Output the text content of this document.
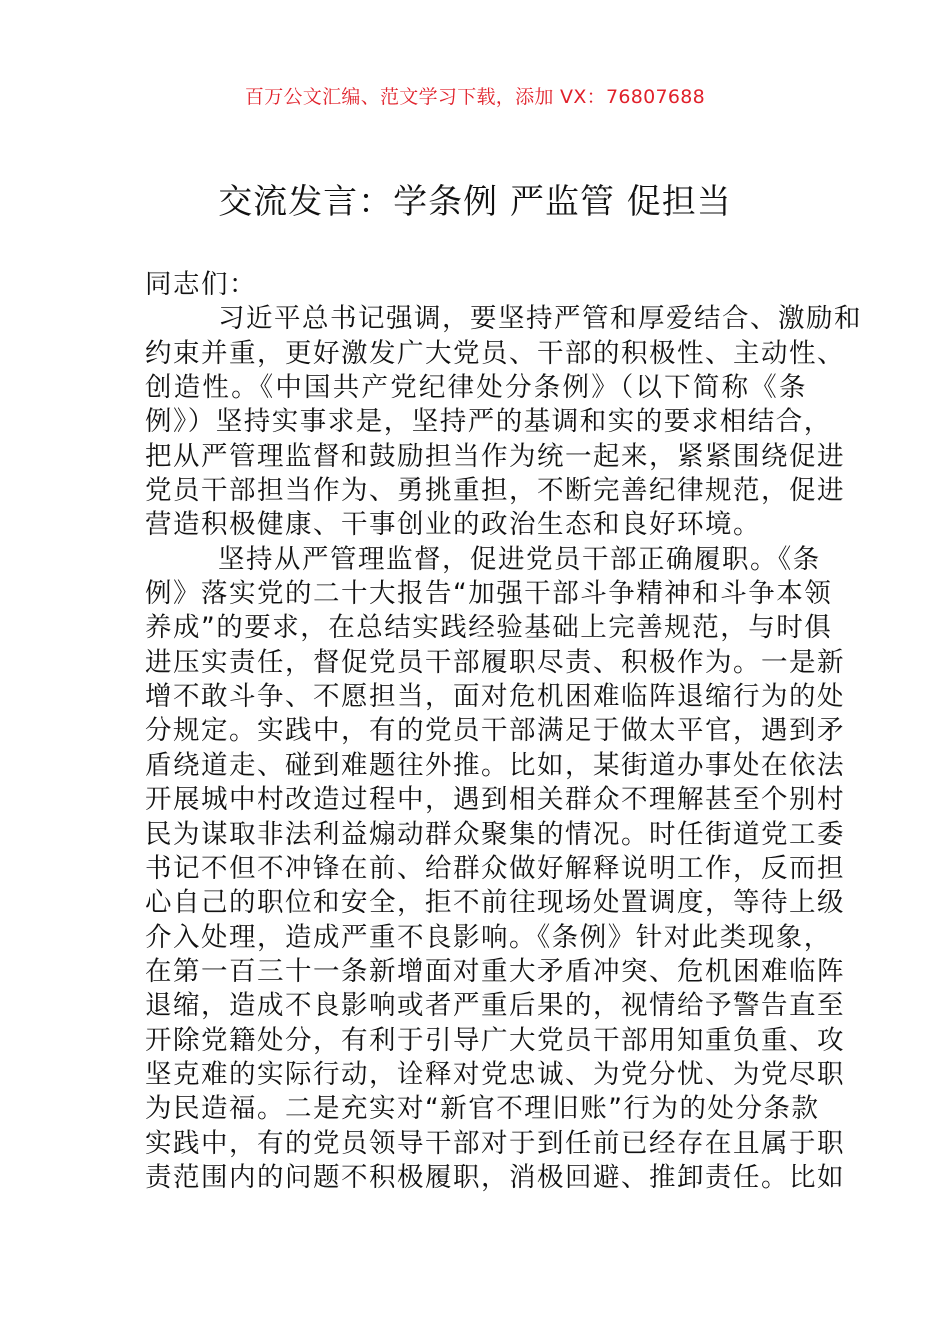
百万公文汇编、范文学习下载，添加 VX：76807688
交流发言：学条例 严监管 促担当
同志们：
习近平总书记强调，要坚持严管和厚爱结合、激励和
约束并重，更好激发广大党员、干部的积极性、主动性、
创造性。《中国共产党纪律处分条例》（以下简称《条
例》）坚持实事求是，坚持严的基调和实的要求相结合，
把从严管理监督和鼓励担当作为统一起来，紧紧围绕促进
党员干部担当作为、勇挑重担，不断完善纪律规范，促进
营造积极健康、干事创业的政治生态和良好环境。
坚持从严管理监督，促进党员干部正确履职。《条
例》落实党的二十大报告“加强干部斗争精神和斗争本领
养成”的要求，在总结实践经验基础上完善规范，与时俱
进压实责任，督促党员干部履职尽责、积极作为。一是新
增不敢斗争、不愿担当，面对危机困难临阵退缩行为的处
分规定。实践中，有的党员干部满足于做太平官，遇到矛
盾绕道走、碰到难题往外推。比如，某街道办事处在依法
开展城中村改造过程中，遇到相关群众不理解甚至个别村
民为谋取非法利益煽动群众聚集的情况。时任街道党工委
书记不但不冲锋在前、给群众做好解释说明工作，反而担
心自己的职位和安全，拒不前往现场处置调度，等待上级
介入处理，造成严重不良影响。《条例》针对此类现象，
在第一百三十一条新增面对重大矛盾冲突、危机困难临阵
退缩，造成不良影响或者严重后果的，视情给予警告直至
开除党籍处分，有利于引导广大党员干部用知重负重、攻
坚克难的实际行动，诠释对党忠诚、为党分忧、为党尽职
为民造福。二是充实对“新官不理旧账”行为的处分条款
实践中，有的党员领导干部对于到任前已经存在且属于职
责范围内的问题不积极履职，消极回避、推卸责任。比如
